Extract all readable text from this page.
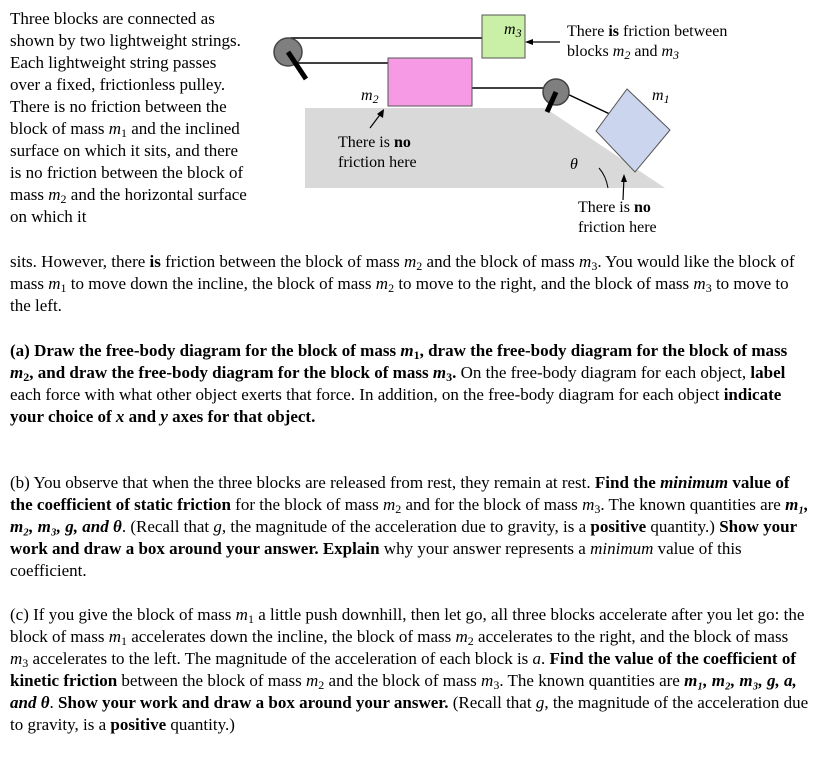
$m_3$
$m_2$	$m_1$
θ
There is friction between
blocks $m_2$ and $m_3$
There is no
friction here
There is no
friction here
Three blocks are connected as shown by two lightweight strings. Each lightweight string passes over a fixed, frictionless pulley. There is no friction between the block of mass $m_1$ and the inclined surface on which it sits, and there is no friction between the block of mass $m_2$ and the horizontal surface on which it
sits. However, there is friction between the block of mass $m_2$ and the block of mass $m_3$. You would like the block of mass $m_1$ to move down the incline, the block of mass $m_2$ to move to the right, and the block of mass $m_3$ to move to the left.
(a) Draw the free-body diagram for the block of mass $m_1$, draw the free-body diagram for the block of mass $m_2$, and draw the free-body diagram for the block of mass $m_3$. On the free-body diagram for each object, label each force with what other object exerts that force. In addition, on the free-body diagram for each object indicate your choice of x and y axes for that object.
(b) You observe that when the three blocks are released from rest, they remain at rest. Find the minimum value of the coefficient of static friction for the block of mass $m_2$ and for the block of mass $m_3$. The known quantities are m₁, m₂, m₃, g, and θ. (Recall that g, the magnitude of the acceleration due to gravity, is a positive quantity.) Show your work and draw a box around your answer. Explain why your answer represents a minimum value of this coefficient.
(c) If you give the block of mass $m_1$ a little push downhill, then let go, all three blocks accelerate after you let go: the block of mass $m_1$ accelerates down the incline, the block of mass $m_2$ accelerates to the right, and the block of mass $m_3$ accelerates to the left. The magnitude of the acceleration of each block is a. Find the value of the coefficient of kinetic friction between the block of mass $m_2$ and the block of mass $m_3$. The known quantities are m₁, m₂, m₃, g, a, and θ. Show your work and draw a box around your answer. (Recall that g, the magnitude of the acceleration due to gravity, is a positive quantity.)
